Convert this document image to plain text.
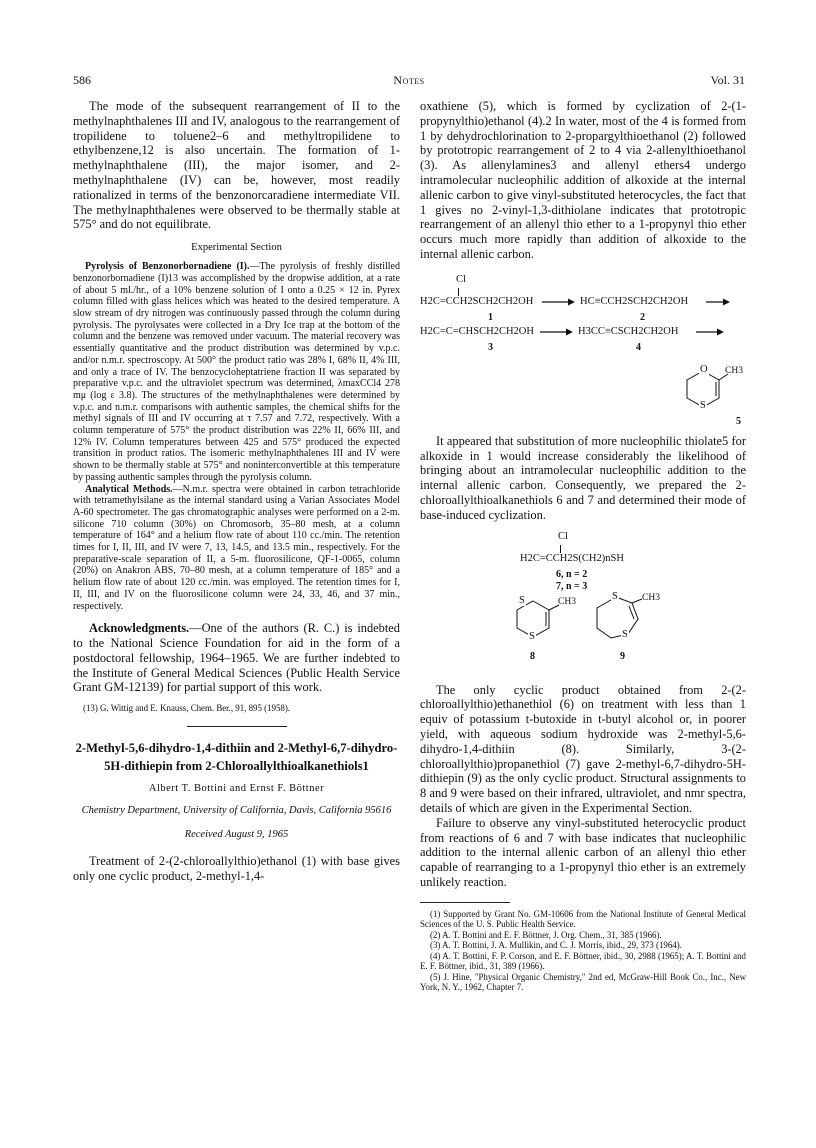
586	Notes	Vol. 31

The mode of the subsequent rearrangement of II to the methylnaphthalenes III and IV, analogous to the rearrangement of tropilidene to toluene2–6 and methyltropilidene to ethylbenzene,12 is also uncertain. The formation of 1-methylnaphthalene (III), the major isomer, and 2-methylnaphthalene (IV) can be, however, most readily rationalized in terms of the benzonorcaradiene intermediate VII. The methylnaphthalenes were observed to be thermally stable at 575° and do not equilibrate.

Experimental Section

Pyrolysis of Benzonorbornadiene (I).—The pyrolysis of freshly distilled benzonorbornadiene (I)13 was accomplished by the dropwise addition, at a rate of about 5 ml./hr., of a 10% benzene solution of I onto a 0.25 × 12 in. Pyrex column filled with glass helices which was heated to the desired temperature. A slow stream of dry nitrogen was continuously passed through the column during pyrolysis. The pyrolysates were collected in a Dry Ice trap at the bottom of the column and the benzene was removed under vacuum. The material recovery was essentially quantitative and the product distribution was determined by v.p.c. and/or n.m.r. spectroscopy. At 500° the product ratio was 28% I, 68% II, 4% III, and only a trace of IV. The benzocycloheptatriene fraction II was separated by preparative v.p.c. and the ultraviolet spectrum was determined, λmaxCCl4 278 mμ (log ε 3.8). The structures of the methylnaphthalenes were determined by v.p.c. and n.m.r. comparisons with authentic samples, the chemical shifts for the methyl signals of III and IV occurring at τ 7.57 and 7.72, respectively. With a column temperature of 575° the product distribution was 22% II, 66% III, and 12% IV. Column temperatures between 425 and 575° produced the expected transition in product ratios. The isomeric methylnaphthalenes III and IV were shown to be thermally stable at 575° and noninterconvertible at this temperature by passing authentic samples through the pyrolysis column.

Analytical Methods.—N.m.r. spectra were obtained in carbon tetrachloride with tetramethylsilane as the internal standard using a Varian Associates Model A-60 spectrometer. The gas chromatographic analyses were performed on a 2-m. silicone 710 column (30%) on Chromosorb, 35–80 mesh, at a column temperature of 164° and a helium flow rate of about 110 cc./min. The retention times for I, II, III, and IV were 7, 13, 14.5, and 13.5 min., respectively. For the preparative-scale separation of II, a 5-m. fluorosilicone, QF-1-0065, column (20%) on Anakron ABS, 70–80 mesh, at a column temperature of 185° and a helium flow rate of about 120 cc./min. was employed. The retention times for I, II, III, and IV on the fluorosilicone column were 24, 33, 46, and 37 min., respectively.

Acknowledgments.—One of the authors (R. C.) is indebted to the National Science Foundation for aid in the form of a postdoctoral fellowship, 1964–1965. We are further indebted to the Institute of General Medical Sciences (Public Health Service Grant GM-12139) for partial support of this work.

(13) G. Wittig and E. Knauss, Chem. Ber., 91, 895 (1958).

2-Methyl-5,6-dihydro-1,4-dithiin and 2-Methyl-6,7-dihydro-5H-dithiepin from 2-Chloroallylthioalkanethiols1
Albert T. Bottini and Ernst F. Böttner
Chemistry Department, University of California, Davis, California 95616
Received August 9, 1965

Treatment of 2-(2-chloroallylthio)ethanol (1) with base gives only one cyclic product, 2-methyl-1,4-

oxathiene (5), which is formed by cyclization of 2-(1-propynylthio)ethanol (4).2 In water, most of the 4 is formed from 1 by dehydrochlorination to 2-propargylthioethanol (2) followed by prototropic rearrangement of 2 to 4 via 2-allenylthioethanol (3). As allenylamines3 and allenyl ethers4 undergo intramolecular nucleophilic addition of alkoxide at the internal allenic carbon to give vinyl-substituted heterocycles, the fact that 1 gives no 2-vinyl-1,3-dithiolane indicates that prototropic rearrangement of an allenyl thio ether to a 1-propynyl thio ether occurs much more rapidly than addition of alkoxide to the internal allenic carbon.

Cl
H2C=CCH2SCH2CH2OH	HC≡CCH2SCH2CH2OH
1	2
H2C=C=CHSCH2CH2OH	H3CC≡CSCH2CH2OH
3	4
O CH3
S
5

It appeared that substitution of more nucleophilic thiolate5 for alkoxide in 1 would increase considerably the likelihood of bringing about an intramolecular nucleophilic addition to the internal allenic carbon. Consequently, we prepared the 2-chloroallylthioalkanethiols 6 and 7 and determined their mode of base-induced cyclization.

Cl
H2C=CCH2S(CH2)nSH
6, n = 2
7, n = 3
S	CH3
S
8
S	CH3
S
9

The only cyclic product obtained from 2-(2-chloroallylthio)ethanethiol (6) on treatment with less than 1 equiv of potassium t-butoxide in t-butyl alcohol or, in poorer yield, with aqueous sodium hydroxide was 2-methyl-5,6-dihydro-1,4-dithiin (8). Similarly, 3-(2-chloroallylthio)propanethiol (7) gave 2-methyl-6,7-dihydro-5H-dithiepin (9) as the only cyclic product. Structural assignments to 8 and 9 were based on their infrared, ultraviolet, and nmr spectra, details of which are given in the Experimental Section.

Failure to observe any vinyl-substituted heterocyclic product from reactions of 6 and 7 with base indicates that nucleophilic addition to the internal allenic carbon of an allenyl thio ether capable of rearranging to a 1-propynyl thio ether is an extremely unlikely reaction.

(1) Supported by Grant No. GM-10606 from the National Institute of General Medical Sciences of the U. S. Public Health Service.

(2) A. T. Bottini and E. F. Böttner, J. Org. Chem., 31, 385 (1966).

(3) A. T. Bottini, J. A. Mullikin, and C. J. Morris, ibid., 29, 373 (1964).

(4) A. T. Bottini, F. P. Corson, and E. F. Böttner, ibid., 30, 2988 (1965); A. T. Bottini and E. F. Böttner, ibid., 31, 389 (1966).

(5) J. Hine, "Physical Organic Chemistry," 2nd ed, McGraw-Hill Book Co., Inc., New York, N. Y., 1962, Chapter 7.
